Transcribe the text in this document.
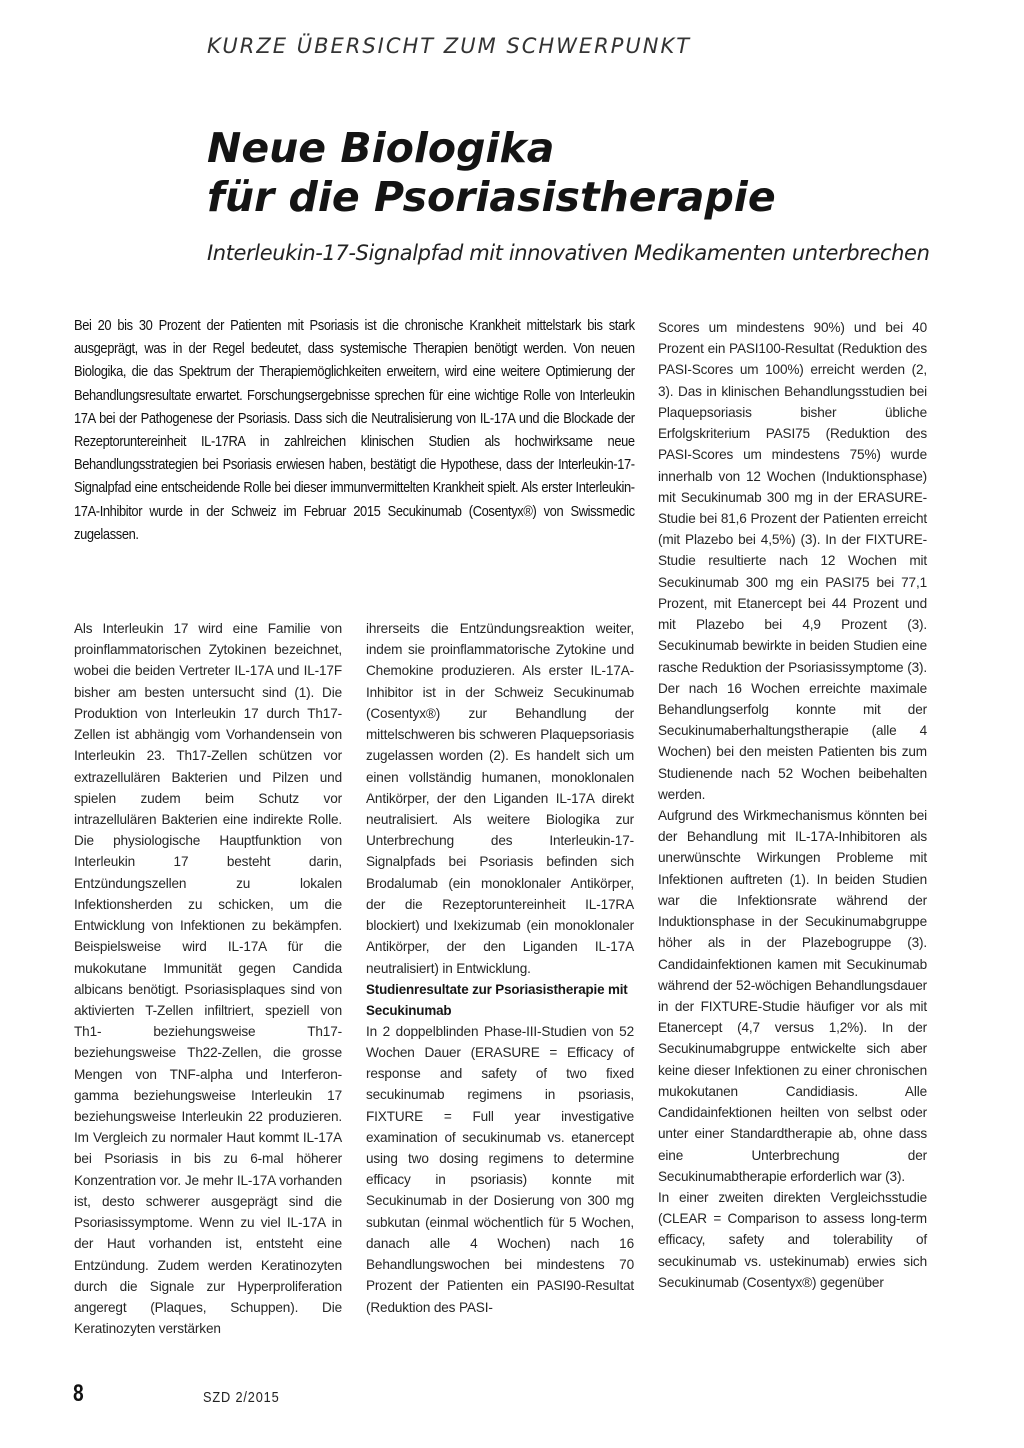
KURZE ÜBERSICHT ZUM SCHWERPUNKT
Neue Biologika
für die Psoriasistherapie
Interleukin-17-Signalpfad mit innovativen Medikamenten unterbrechen

Bei 20 bis 30 Prozent der Patienten mit Psoriasis ist die chronische Krankheit mittelstark bis stark ausgeprägt, was in der Regel bedeutet, dass systemische Therapien benötigt werden. Von neuen Biologika, die das Spektrum der Therapiemöglichkeiten erweitern, wird eine weitere Optimierung der Behandlungsresultate erwartet. Forschungsergebnisse sprechen für eine wichtige Rolle von Interleukin 17A bei der Pathogenese der Psoriasis. Dass sich die Neutralisierung von IL-17A und die Blockade der Rezeptoruntereinheit IL-17RA in zahlreichen klinischen Studien als hochwirksame neue Behandlungsstrategien bei Psoriasis erwiesen haben, bestätigt die Hypothese, dass der Interleukin-17-Signalpfad eine entscheidende Rolle bei dieser immunvermittelten Krankheit spielt. Als erster Interleukin-17A-Inhibitor wurde in der Schweiz im Februar 2015 Secukinumab (Cosentyx®) von Swissmedic zugelassen.

Als Interleukin 17 wird eine Familie von proinflammatorischen Zytokinen bezeichnet, wobei die beiden Vertreter IL-17A und IL-17F bisher am besten untersucht sind (1). Die Produktion von Interleukin 17 durch Th17-Zellen ist abhängig vom Vorhandensein von Interleukin 23. Th17-Zellen schützen vor extrazellulären Bakterien und Pilzen und spielen zudem beim Schutz vor intrazellulären Bakterien eine indirekte Rolle. Die physiologische Hauptfunktion von Interleukin 17 besteht darin, Entzündungszellen zu lokalen Infektionsherden zu schicken, um die Entwicklung von Infektionen zu bekämpfen. Beispielsweise wird IL-17A für die mukokutane Immunität gegen Candida albicans benötigt. Psoriasisplaques sind von aktivierten T-Zellen infiltriert, speziell von Th1- beziehungsweise Th17- beziehungsweise Th22-Zellen, die grosse Mengen von TNF-alpha und Interferon-gamma beziehungsweise Interleukin 17 beziehungsweise Interleukin 22 produzieren. Im Vergleich zu normaler Haut kommt IL-17A bei Psoriasis in bis zu 6-mal höherer Konzentration vor. Je mehr IL-17A vorhanden ist, desto schwerer ausgeprägt sind die Psoriasissymptome. Wenn zu viel IL-17A in der Haut vorhanden ist, entsteht eine Entzündung. Zudem werden Keratinozyten durch die Signale zur Hyperproliferation angeregt (Plaques, Schuppen). Die Keratinozyten verstärken

ihrerseits die Entzündungsreaktion weiter, indem sie proinflammatorische Zytokine und Chemokine produzieren. Als erster IL-17A-Inhibitor ist in der Schweiz Secukinumab (Cosentyx®) zur Behandlung der mittelschweren bis schweren Plaquepsoriasis zugelassen worden (2). Es handelt sich um einen vollständig humanen, monoklonalen Antikörper, der den Liganden IL-17A direkt neutralisiert. Als weitere Biologika zur Unterbrechung des Interleukin-17-Signalpfads bei Psoriasis befinden sich Brodalumab (ein monoklonaler Antikörper, der die Rezeptoruntereinheit IL-17RA blockiert) und Ixekizumab (ein monoklonaler Antikörper, der den Liganden IL-17A neutralisiert) in Entwicklung.

Studienresultate zur Psoriasistherapie mit Secukinumab

In 2 doppelblinden Phase-III-Studien von 52 Wochen Dauer (ERASURE = Efficacy of response and safety of two fixed secukinumab regimens in psoriasis, FIXTURE = Full year investigative examination of secukinumab vs. etanercept using two dosing regimens to determine efficacy in psoriasis) konnte mit Secukinumab in der Dosierung von 300 mg subkutan (einmal wöchentlich für 5 Wochen, danach alle 4 Wochen) nach 16 Behandlungswochen bei mindestens 70 Prozent der Patienten ein PASI90-Resultat (Reduktion des PASI-

Scores um mindestens 90%) und bei 40 Prozent ein PASI100-Resultat (Reduktion des PASI-Scores um 100%) erreicht werden (2, 3). Das in klinischen Behandlungsstudien bei Plaquepsoriasis bisher übliche Erfolgskriterium PASI75 (Reduktion des PASI-Scores um mindestens 75%) wurde innerhalb von 12 Wochen (Induktionsphase) mit Secukinumab 300 mg in der ERASURE-Studie bei 81,6 Prozent der Patienten erreicht (mit Plazebo bei 4,5%) (3). In der FIXTURE-Studie resultierte nach 12 Wochen mit Secukinumab 300 mg ein PASI75 bei 77,1 Prozent, mit Etanercept bei 44 Prozent und mit Plazebo bei 4,9 Prozent (3). Secukinumab bewirkte in beiden Studien eine rasche Reduktion der Psoriasissymptome (3). Der nach 16 Wochen erreichte maximale Behandlungserfolg konnte mit der Secukinumaberhaltungstherapie (alle 4 Wochen) bei den meisten Patienten bis zum Studienende nach 52 Wochen beibehalten werden.

Aufgrund des Wirkmechanismus könnten bei der Behandlung mit IL-17A-Inhibitoren als unerwünschte Wirkungen Probleme mit Infektionen auftreten (1). In beiden Studien war die Infektionsrate während der Induktionsphase in der Secukinumabgruppe höher als in der Plazebogruppe (3). Candidainfektionen kamen mit Secukinumab während der 52-wöchigen Behandlungsdauer in der FIXTURE-Studie häufiger vor als mit Etanercept (4,7 versus 1,2%). In der Secukinumabgruppe entwickelte sich aber keine dieser Infektionen zu einer chronischen mukokutanen Candidiasis. Alle Candidainfektionen heilten von selbst oder unter einer Standardtherapie ab, ohne dass eine Unterbrechung der Secukinumabtherapie erforderlich war (3).

In einer zweiten direkten Vergleichsstudie (CLEAR = Comparison to assess long-term efficacy, safety and tolerability of secukinumab vs. ustekinumab) erwies sich Secukinumab (Cosentyx®) gegenüber

8	SZD 2/2015
